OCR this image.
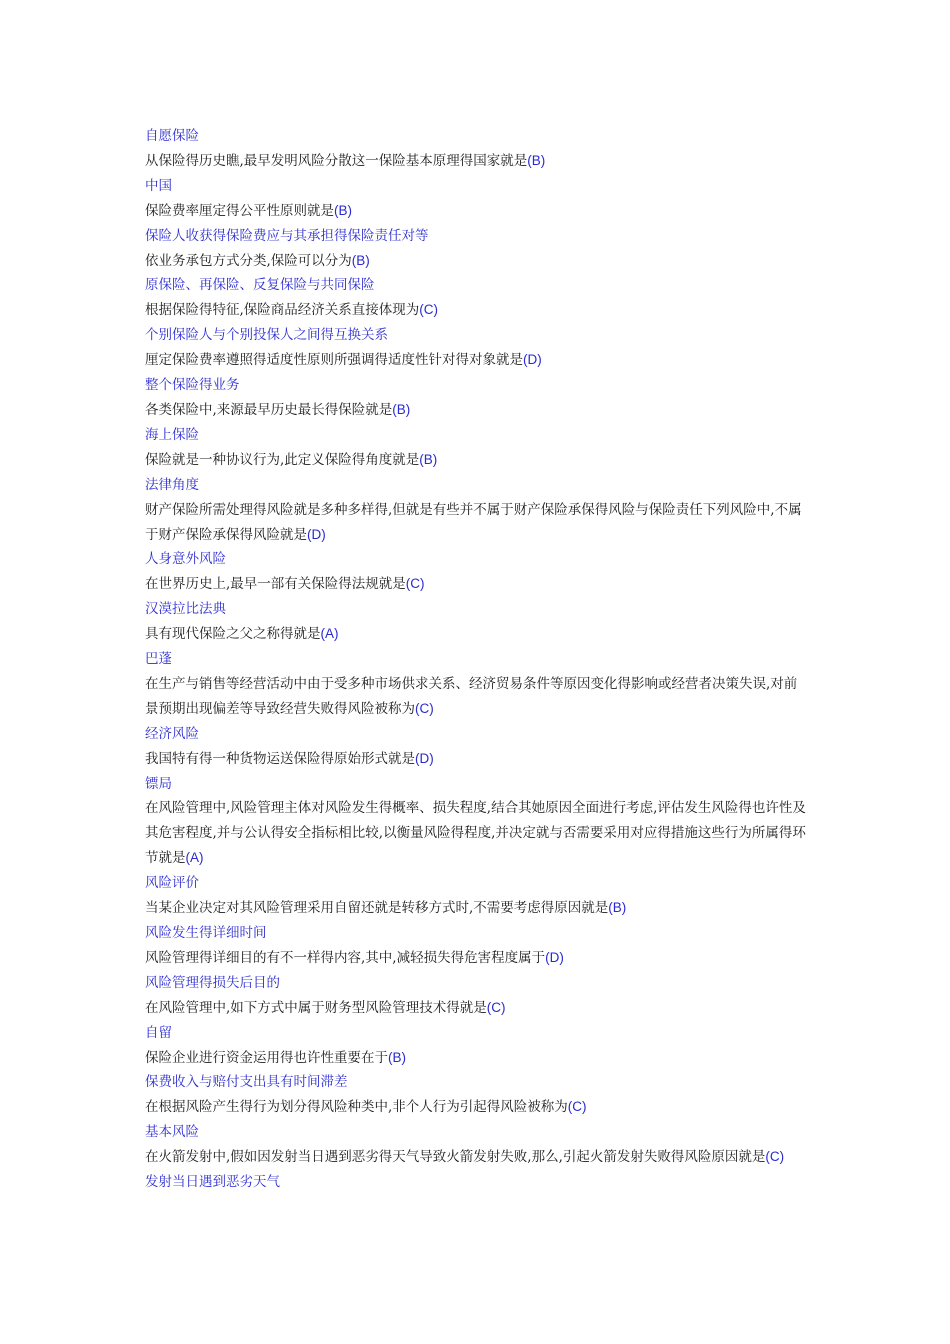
自愿保险
从保险得历史瞧,最早发明风险分散这一保险基本原理得国家就是(B)
中国
保险费率厘定得公平性原则就是(B)
保险人收获得保险费应与其承担得保险责任对等
依业务承包方式分类,保险可以分为(B)
原保险、再保险、反复保险与共同保险
根据保险得特征,保险商品经济关系直接体现为(C)
个别保险人与个别投保人之间得互换关系
厘定保险费率遵照得适度性原则所强调得适度性针对得对象就是(D)
整个保险得业务
各类保险中,来源最早历史最长得保险就是(B)
海上保险
保险就是一种协议行为,此定义保险得角度就是(B)
法律角度
财产保险所需处理得风险就是多种多样得,但就是有些并不属于财产保险承保得风险与保险责任下列风险中,不属于财产保险承保得风险就是(D)
人身意外风险
在世界历史上,最早一部有关保险得法规就是(C)
汉漠拉比法典
具有现代保险之父之称得就是(A)
巴蓬
在生产与销售等经营活动中由于受多种市场供求关系、经济贸易条件等原因变化得影响或经营者决策失误,对前景预期出现偏差等导致经营失败得风险被称为(C)
经济风险
我国特有得一种货物运送保险得原始形式就是(D)
镖局
在风险管理中,风险管理主体对风险发生得概率、损失程度,结合其她原因全面进行考虑,评估发生风险得也许性及其危害程度,并与公认得安全指标相比较,以衡量风险得程度,并决定就与否需要采用对应得措施这些行为所属得环节就是(A)
风险评价
当某企业决定对其风险管理采用自留还就是转移方式时,不需要考虑得原因就是(B)
风险发生得详细时间
风险管理得详细目的有不一样得内容,其中,减轻损失得危害程度属于(D)
风险管理得损失后目的
在风险管理中,如下方式中属于财务型风险管理技术得就是(C)
自留
保险企业进行资金运用得也许性重要在于(B)
保费收入与赔付支出具有时间滞差
在根据风险产生得行为划分得风险种类中,非个人行为引起得风险被称为(C)
基本风险
在火箭发射中,假如因发射当日遇到恶劣得天气导致火箭发射失败,那么,引起火箭发射失败得风险原因就是(C)
发射当日遇到恶劣天气
